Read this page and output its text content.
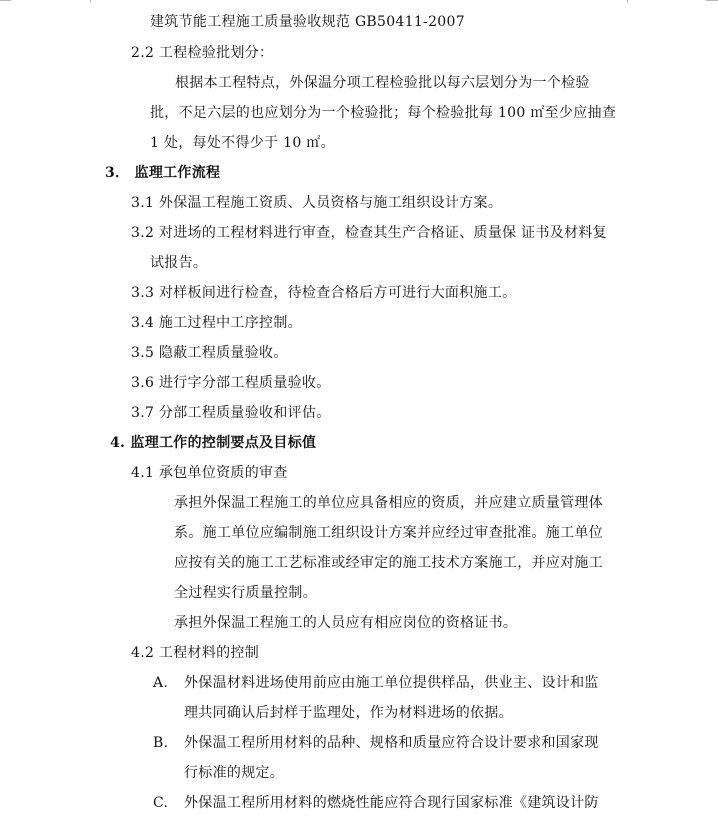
建筑节能工程施工质量验收规范 GB50411-2007
2.2 工程检验批划分：
根据本工程特点，外保温分项工程检验批以每六层划分为一个检验
批，不足六层的也应划分为一个检验批；每个检验批每 100 ㎡至少应抽查
1 处，每处不得少于 10 ㎡。
3． 监理工作流程
3.1 外保温工程施工资质、人员资格与施工组织设计方案。
3.2 对进场的工程材料进行审查，检查其生产合格证、质量保 证书及材料复
试报告。
3.3 对样板间进行检查，待检查合格后方可进行大面积施工。
3.4 施工过程中工序控制。
3.5 隐蔽工程质量验收。
3.6 进行字分部工程质量验收。
3.7 分部工程质量验收和评估。
4. 监理工作的控制要点及目标值
4.1 承包单位资质的审查
承担外保温工程施工的单位应具备相应的资质，并应建立质量管理体
系。施工单位应编制施工组织设计方案并应经过审查批准。施工单位
应按有关的施工工艺标准或经审定的施工技术方案施工，并应对施工
全过程实行质量控制。
承担外保温工程施工的人员应有相应岗位的资格证书。
4.2 工程材料的控制
A. 外保温材料进场使用前应由施工单位提供样品，供业主、设计和监
理共同确认后封样于监理处，作为材料进场的依据。
B. 外保温工程所用材料的品种、规格和质量应符合设计要求和国家现
行标准的规定。
C. 外保温工程所用材料的燃烧性能应符合现行国家标准《建筑设计防
